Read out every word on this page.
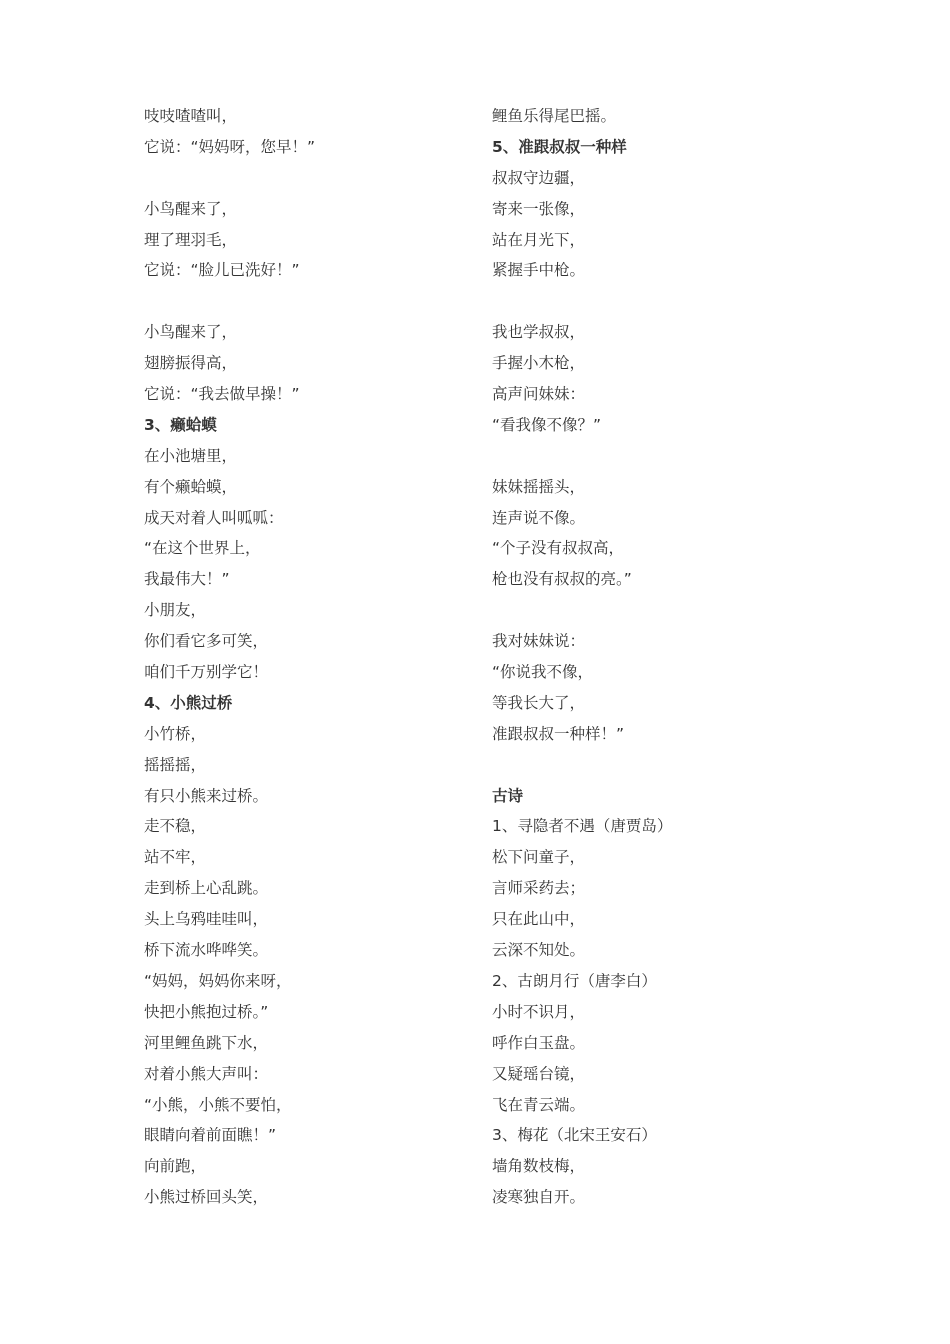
吱吱喳喳叫，
它说：“妈妈呀，您早！”
小鸟醒来了，
理了理羽毛，
它说：“脸儿已洗好！”
小鸟醒来了，
翅膀振得高，
它说：“我去做早操！”
3、癞蛤蟆
在小池塘里，
有个癞蛤蟆，
成天对着人叫呱呱：
“在这个世界上，
我最伟大！”
小朋友，
你们看它多可笑，
咱们千万别学它！
4、小熊过桥
小竹桥，
摇摇摇，
有只小熊来过桥。
走不稳，
站不牢，
走到桥上心乱跳。
头上乌鸦哇哇叫，
桥下流水哗哗笑。
“妈妈，妈妈你来呀，
快把小熊抱过桥。”
河里鲤鱼跳下水，
对着小熊大声叫：
“小熊，小熊不要怕，
眼睛向着前面瞧！”
向前跑，
小熊过桥回头笑，
鲤鱼乐得尾巴摇。
5、准跟叔叔一种样
叔叔守边疆，
寄来一张像，
站在月光下，
紧握手中枪。
我也学叔叔，
手握小木枪，
高声问妹妹：
“看我像不像？”
妹妹摇摇头，
连声说不像。
“个子没有叔叔高，
枪也没有叔叔的亮。”
我对妹妹说：
“你说我不像，
等我长大了，
准跟叔叔一种样！”
古诗
1、寻隐者不遇（唐贾岛）
松下问童子，
言师采药去；
只在此山中，
云深不知处。
2、古朗月行（唐李白）
小时不识月，
呼作白玉盘。
又疑瑶台镜，
飞在青云端。
3、梅花（北宋王安石）
墙角数枝梅，
凌寒独自开。
